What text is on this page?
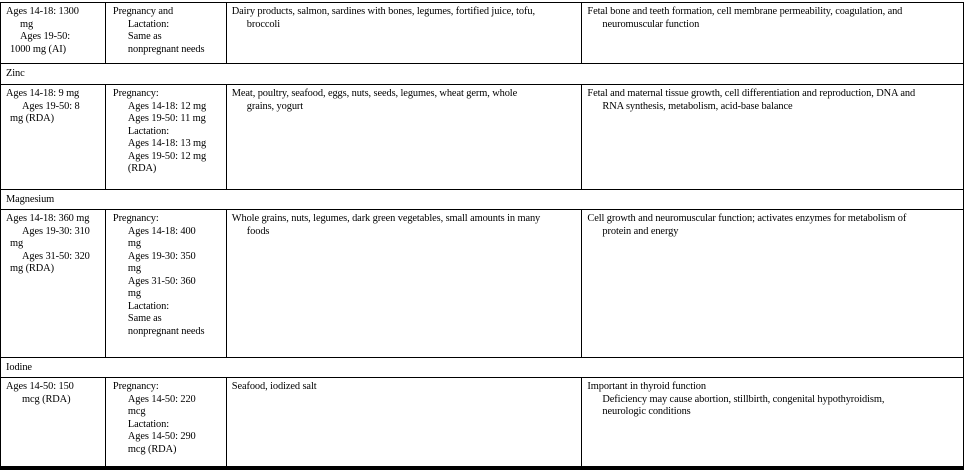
Ages 14-18: 1300
mg
Ages 19-50:
1000 mg (AI)
Pregnancy and
Lactation:
Same as
nonpregnant needs
Dairy products, salmon, sardines with bones, legumes, fortified juice, tofu,
broccoli
Fetal bone and teeth formation, cell membrane permeability, coagulation, and
neuromuscular function
Zinc
Ages 14-18: 9 mg
Ages 19-50: 8
mg (RDA)
Pregnancy:
Ages 14-18: 12 mg
Ages 19-50: 11 mg
Lactation:
Ages 14-18: 13 mg
Ages 19-50: 12 mg
(RDA)
Meat, poultry, seafood, eggs, nuts, seeds, legumes, wheat germ, whole
grains, yogurt
Fetal and maternal tissue growth, cell differentiation and reproduction, DNA and
RNA synthesis, metabolism, acid-base balance
Magnesium
Ages 14-18: 360 mg
Ages 19-30: 310
mg
Ages 31-50: 320
mg (RDA)
Pregnancy:
Ages 14-18: 400
mg
Ages 19-30: 350
mg
Ages 31-50: 360
mg
Lactation:
Same as
nonpregnant needs
Whole grains, nuts, legumes, dark green vegetables, small amounts in many
foods
Cell growth and neuromuscular function; activates enzymes for metabolism of
protein and energy
Iodine
Ages 14-50: 150
mcg (RDA)
Pregnancy:
Ages 14-50: 220
mcg
Lactation:
Ages 14-50: 290
mcg (RDA)
Seafood, iodized salt	Important in thyroid function
Deficiency may cause abortion, stillbirth, congenital hypothyroidism,
neurologic conditions
